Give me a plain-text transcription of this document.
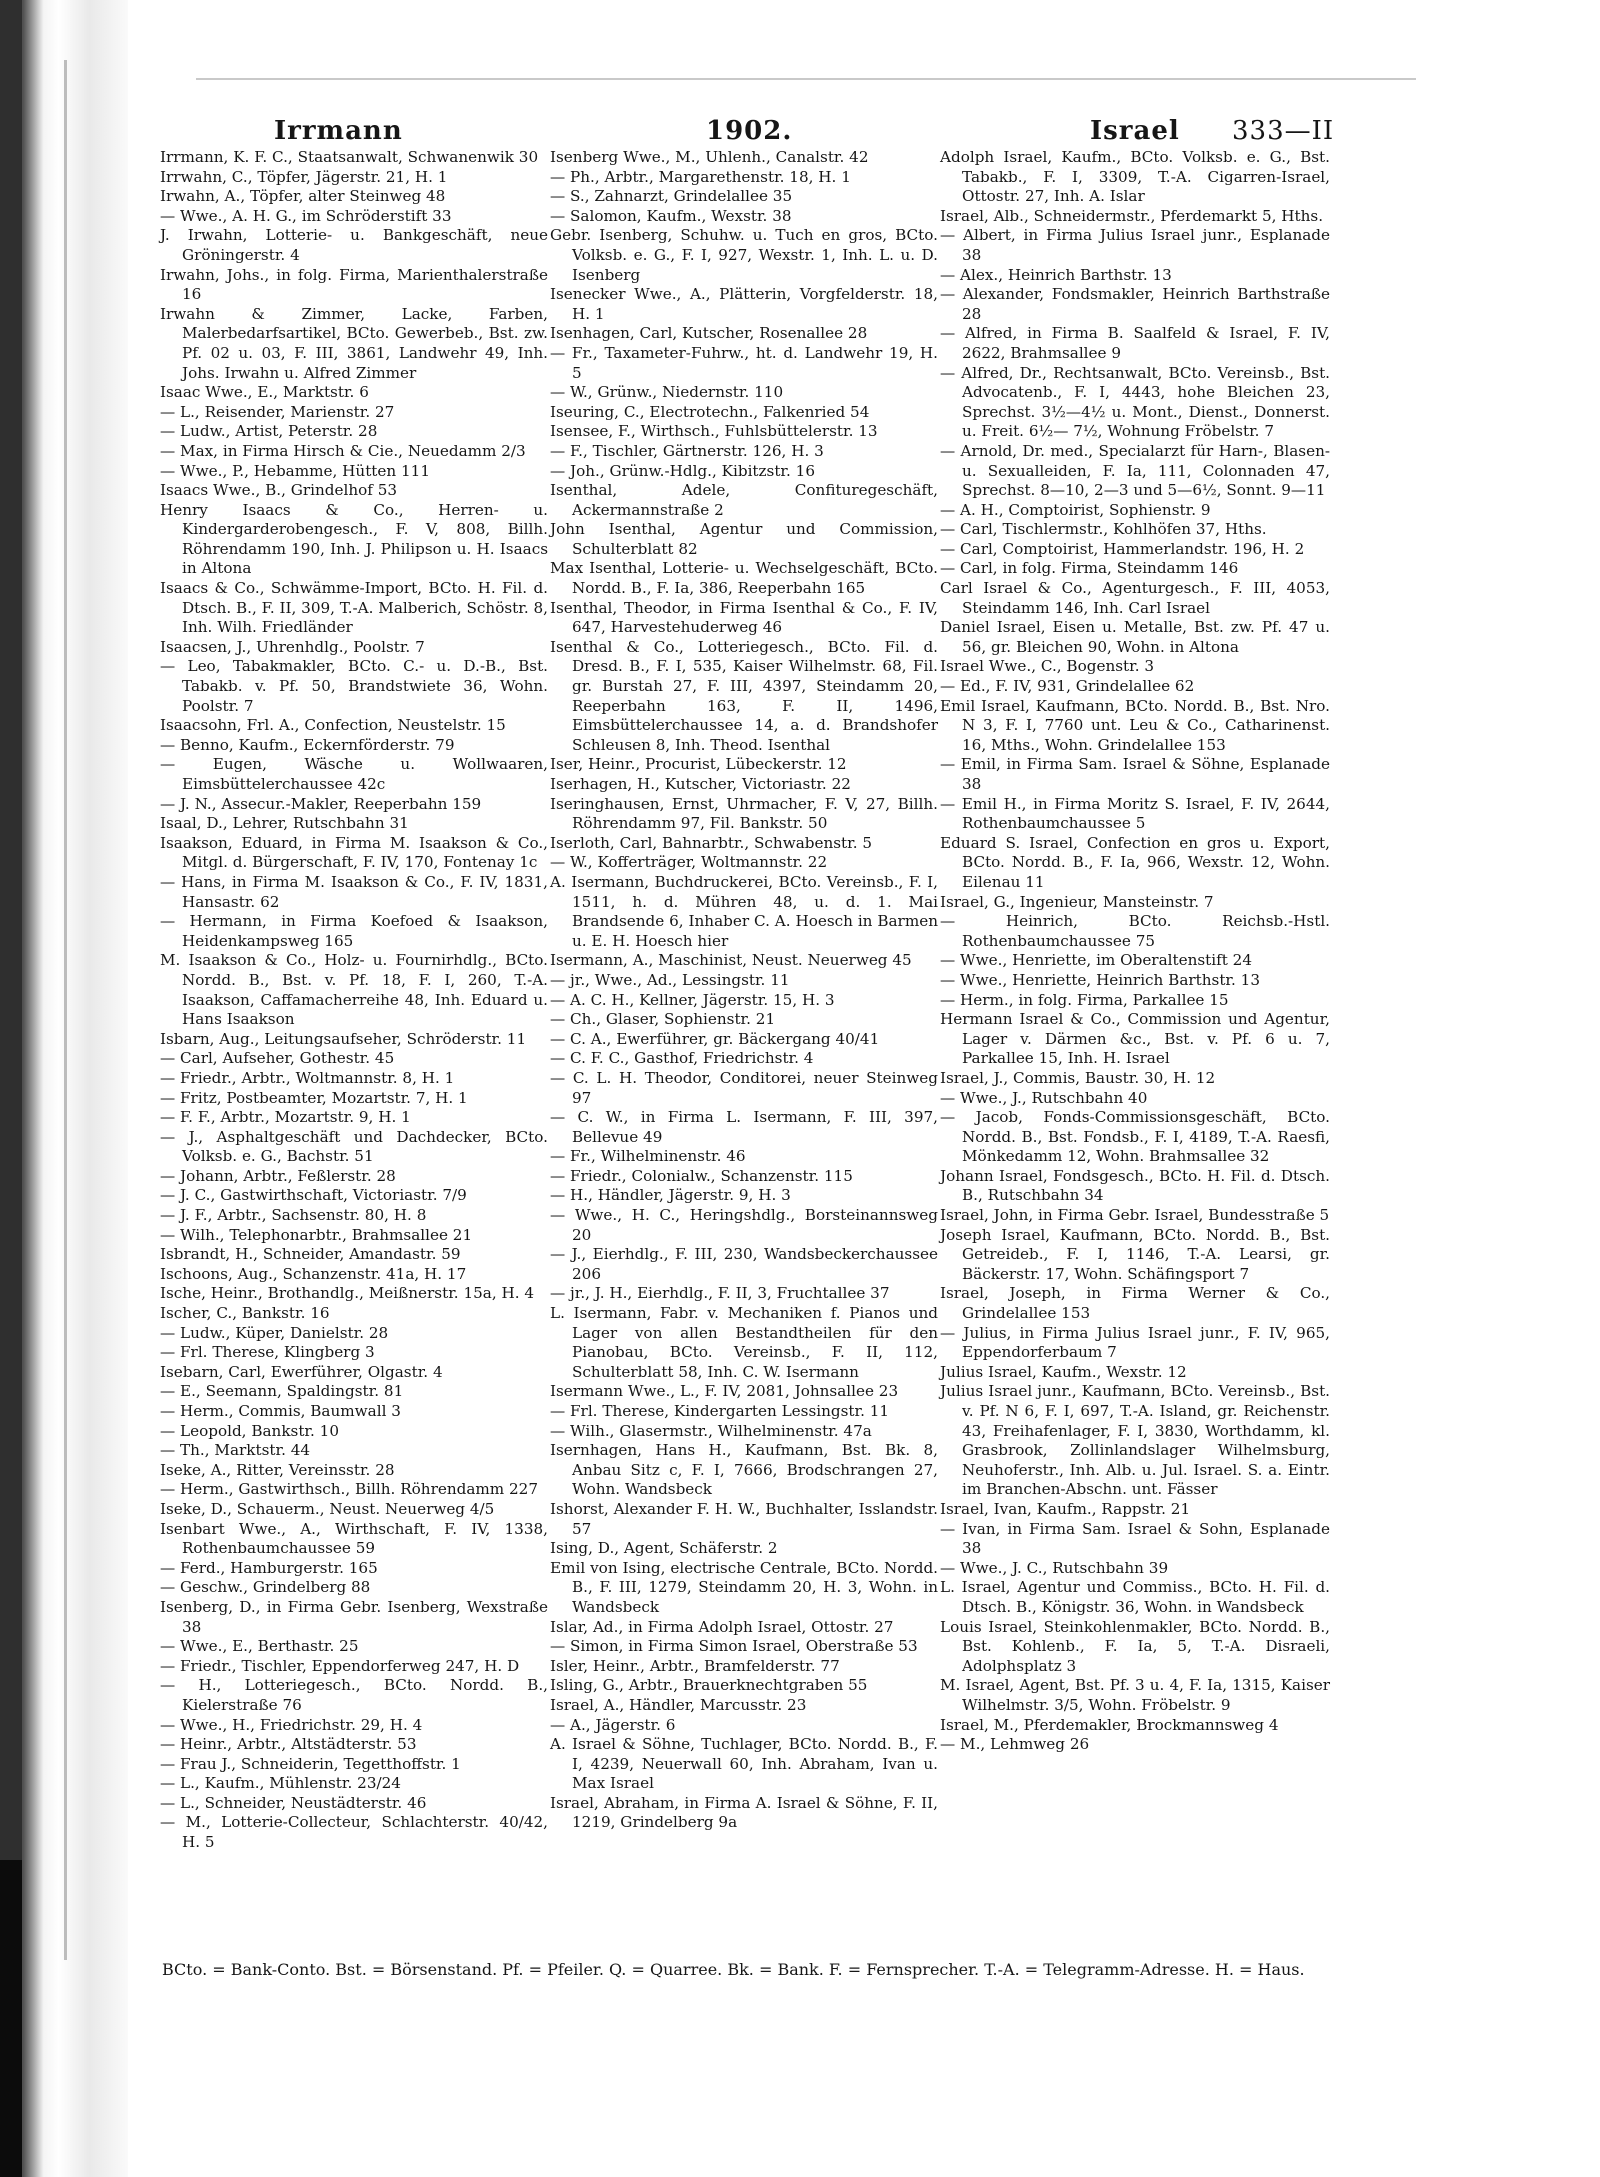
Irrmann	1902.	Israel 333—II

Irrmann, K. F. C., Staatsanwalt, Schwanenwik 30

Irrwahn, C., Töpfer, Jägerstr. 21, H. 1

Irwahn, A., Töpfer, alter Steinweg 48

— Wwe., A. H. G., im Schröderstift 33

J. Irwahn, Lotterie- u. Bankgeschäft, neue Gröningerstr. 4

Irwahn, Johs., in folg. Firma, Marienthalerstraße 16

Irwahn & Zimmer, Lacke, Farben, Malerbedarfsartikel, BCto. Gewerbeb., Bst. zw. Pf. 02 u. 03, F. III, 3861, Landwehr 49, Inh. Johs. Irwahn u. Alfred Zimmer

Isaac Wwe., E., Marktstr. 6

— L., Reisender, Marienstr. 27

— Ludw., Artist, Peterstr. 28

— Max, in Firma Hirsch & Cie., Neuedamm 2/3

— Wwe., P., Hebamme, Hütten 111

Isaacs Wwe., B., Grindelhof 53

Henry Isaacs & Co., Herren- u. Kindergarderobengesch., F. V, 808, Billh. Röhrendamm 190, Inh. J. Philipson u. H. Isaacs in Altona

Isaacs & Co., Schwämme-Import, BCto. H. Fil. d. Dtsch. B., F. II, 309, T.-A. Malberich, Schöstr. 8, Inh. Wilh. Friedländer

Isaacsen, J., Uhrenhdlg., Poolstr. 7

— Leo, Tabakmakler, BCto. C.- u. D.-B., Bst. Tabakb. v. Pf. 50, Brandstwiete 36, Wohn. Poolstr. 7

Isaacsohn, Frl. A., Confection, Neustelstr. 15

— Benno, Kaufm., Eckernförderstr. 79

— Eugen, Wäsche u. Wollwaaren, Eimsbüttelerchaussee 42c

— J. N., Assecur.-Makler, Reeperbahn 159

Isaal, D., Lehrer, Rutschbahn 31

Isaakson, Eduard, in Firma M. Isaakson & Co., Mitgl. d. Bürgerschaft, F. IV, 170, Fontenay 1c

— Hans, in Firma M. Isaakson & Co., F. IV, 1831, Hansastr. 62

— Hermann, in Firma Koefoed & Isaakson, Heidenkampsweg 165

M. Isaakson & Co., Holz- u. Fournirhdlg., BCto. Nordd. B., Bst. v. Pf. 18, F. I, 260, T.-A. Isaakson, Caffamacherreihe 48, Inh. Eduard u. Hans Isaakson

Isbarn, Aug., Leitungsaufseher, Schröderstr. 11

— Carl, Aufseher, Gothestr. 45

— Friedr., Arbtr., Woltmannstr. 8, H. 1

— Fritz, Postbeamter, Mozartstr. 7, H. 1

— F. F., Arbtr., Mozartstr. 9, H. 1

— J., Asphaltgeschäft und Dachdecker, BCto. Volksb. e. G., Bachstr. 51

— Johann, Arbtr., Feßlerstr. 28

— J. C., Gastwirthschaft, Victoriastr. 7/9

— J. F., Arbtr., Sachsenstr. 80, H. 8

— Wilh., Telephonarbtr., Brahmsallee 21

Isbrandt, H., Schneider, Amandastr. 59

Ischoons, Aug., Schanzenstr. 41a, H. 17

Ische, Heinr., Brothandlg., Meißnerstr. 15a, H. 4

Ischer, C., Bankstr. 16

— Ludw., Küper, Danielstr. 28

— Frl. Therese, Klingberg 3

Isebarn, Carl, Ewerführer, Olgastr. 4

— E., Seemann, Spaldingstr. 81

— Herm., Commis, Baumwall 3

— Leopold, Bankstr. 10

— Th., Marktstr. 44

Iseke, A., Ritter, Vereinsstr. 28

— Herm., Gastwirthsch., Billh. Röhrendamm 227

Iseke, D., Schauerm., Neust. Neuerweg 4/5

Isenbart Wwe., A., Wirthschaft, F. IV, 1338, Rothenbaumchaussee 59

— Ferd., Hamburgerstr. 165

— Geschw., Grindelberg 88

Isenberg, D., in Firma Gebr. Isenberg, Wexstraße 38

— Wwe., E., Berthastr. 25

— Friedr., Tischler, Eppendorferweg 247, H. D

— H., Lotteriegesch., BCto. Nordd. B., Kielerstraße 76

— Wwe., H., Friedrichstr. 29, H. 4

— Heinr., Arbtr., Altstädterstr. 53

— Frau J., Schneiderin, Tegetthoffstr. 1

— L., Kaufm., Mühlenstr. 23/24

— L., Schneider, Neustädterstr. 46

— M., Lotterie-Collecteur, Schlachterstr. 40/42, H. 5

Isenberg Wwe., M., Uhlenh., Canalstr. 42

— Ph., Arbtr., Margarethenstr. 18, H. 1

— S., Zahnarzt, Grindelallee 35

— Salomon, Kaufm., Wexstr. 38

Gebr. Isenberg, Schuhw. u. Tuch en gros, BCto. Volksb. e. G., F. I, 927, Wexstr. 1, Inh. L. u. D. Isenberg

Isenecker Wwe., A., Plätterin, Vorgfelderstr. 18, H. 1

Isenhagen, Carl, Kutscher, Rosenallee 28

— Fr., Taxameter-Fuhrw., ht. d. Landwehr 19, H. 5

— W., Grünw., Niedernstr. 110

Iseuring, C., Electrotechn., Falkenried 54

Isensee, F., Wirthsch., Fuhlsbüttelerstr. 13

— F., Tischler, Gärtnerstr. 126, H. 3

— Joh., Grünw.-Hdlg., Kibitzstr. 16

Isenthal, Adele, Confituregeschäft, Ackermannstraße 2

John Isenthal, Agentur und Commission, Schulterblatt 82

Max Isenthal, Lotterie- u. Wechselgeschäft, BCto. Nordd. B., F. Ia, 386, Reeperbahn 165

Isenthal, Theodor, in Firma Isenthal & Co., F. IV, 647, Harvestehuderweg 46

Isenthal & Co., Lotteriegesch., BCto. Fil. d. Dresd. B., F. I, 535, Kaiser Wilhelmstr. 68, Fil. gr. Burstah 27, F. III, 4397, Steindamm 20, Reeperbahn 163, F. II, 1496, Eimsbüttelerchaussee 14, a. d. Brandshofer Schleusen 8, Inh. Theod. Isenthal

Iser, Heinr., Procurist, Lübeckerstr. 12

Iserhagen, H., Kutscher, Victoriastr. 22

Iseringhausen, Ernst, Uhrmacher, F. V, 27, Billh. Röhrendamm 97, Fil. Bankstr. 50

Iserloth, Carl, Bahnarbtr., Schwabenstr. 5

— W., Kofferträger, Woltmannstr. 22

A. Isermann, Buchdruckerei, BCto. Vereinsb., F. I, 1511, h. d. Mühren 48, u. d. 1. Mai Brandsende 6, Inhaber C. A. Hoesch in Barmen u. E. H. Hoesch hier

Isermann, A., Maschinist, Neust. Neuerweg 45

— jr., Wwe., Ad., Lessingstr. 11

— A. C. H., Kellner, Jägerstr. 15, H. 3

— Ch., Glaser, Sophienstr. 21

— C. A., Ewerführer, gr. Bäckergang 40/41

— C. F. C., Gasthof, Friedrichstr. 4

— C. L. H. Theodor, Conditorei, neuer Steinweg 97

— C. W., in Firma L. Isermann, F. III, 397, Bellevue 49

— Fr., Wilhelminenstr. 46

— Friedr., Colonialw., Schanzenstr. 115

— H., Händler, Jägerstr. 9, H. 3

— Wwe., H. C., Heringshdlg., Borsteinannsweg 20

— J., Eierhdlg., F. III, 230, Wandsbeckerchaussee 206

— jr., J. H., Eierhdlg., F. II, 3, Fruchtallee 37

L. Isermann, Fabr. v. Mechaniken f. Pianos und Lager von allen Bestandtheilen für den Pianobau, BCto. Vereinsb., F. II, 112, Schulterblatt 58, Inh. C. W. Isermann

Isermann Wwe., L., F. IV, 2081, Johnsallee 23

— Frl. Therese, Kindergarten Lessingstr. 11

— Wilh., Glasermstr., Wilhelminenstr. 47a

Isernhagen, Hans H., Kaufmann, Bst. Bk. 8, Anbau Sitz c, F. I, 7666, Brodschrangen 27, Wohn. Wandsbeck

Ishorst, Alexander F. H. W., Buchhalter, Isslandstr. 57

Ising, D., Agent, Schäferstr. 2

Emil von Ising, electrische Centrale, BCto. Nordd. B., F. III, 1279, Steindamm 20, H. 3, Wohn. in Wandsbeck

Islar, Ad., in Firma Adolph Israel, Ottostr. 27

— Simon, in Firma Simon Israel, Oberstraße 53

Isler, Heinr., Arbtr., Bramfelderstr. 77

Isling, G., Arbtr., Brauerknechtgraben 55

Israel, A., Händler, Marcusstr. 23

— A., Jägerstr. 6

A. Israel & Söhne, Tuchlager, BCto. Nordd. B., F. I, 4239, Neuerwall 60, Inh. Abraham, Ivan u. Max Israel

Israel, Abraham, in Firma A. Israel & Söhne, F. II, 1219, Grindelberg 9a

Adolph Israel, Kaufm., BCto. Volksb. e. G., Bst. Tabakb., F. I, 3309, T.-A. Cigarren-Israel, Ottostr. 27, Inh. A. Islar

Israel, Alb., Schneidermstr., Pferdemarkt 5, Hths.

— Albert, in Firma Julius Israel junr., Esplanade 38

— Alex., Heinrich Barthstr. 13

— Alexander, Fondsmakler, Heinrich Barthstraße 28

— Alfred, in Firma B. Saalfeld & Israel, F. IV, 2622, Brahmsallee 9

— Alfred, Dr., Rechtsanwalt, BCto. Vereinsb., Bst. Advocatenb., F. I, 4443, hohe Bleichen 23, Sprechst. 3½—4½ u. Mont., Dienst., Donnerst. u. Freit. 6½— 7½, Wohnung Fröbelstr. 7

— Arnold, Dr. med., Specialarzt für Harn-, Blasen- u. Sexualleiden, F. Ia, 111, Colonnaden 47, Sprechst. 8—10, 2—3 und 5—6½, Sonnt. 9—11

— A. H., Comptoirist, Sophienstr. 9

— Carl, Tischlermstr., Kohlhöfen 37, Hths.

— Carl, Comptoirist, Hammerlandstr. 196, H. 2

— Carl, in folg. Firma, Steindamm 146

Carl Israel & Co., Agenturgesch., F. III, 4053, Steindamm 146, Inh. Carl Israel

Daniel Israel, Eisen u. Metalle, Bst. zw. Pf. 47 u. 56, gr. Bleichen 90, Wohn. in Altona

Israel Wwe., C., Bogenstr. 3

— Ed., F. IV, 931, Grindelallee 62

Emil Israel, Kaufmann, BCto. Nordd. B., Bst. Nro. N 3, F. I, 7760 unt. Leu & Co., Catharinenst. 16, Mths., Wohn. Grindelallee 153

— Emil, in Firma Sam. Israel & Söhne, Esplanade 38

— Emil H., in Firma Moritz S. Israel, F. IV, 2644, Rothenbaumchaussee 5

Eduard S. Israel, Confection en gros u. Export, BCto. Nordd. B., F. Ia, 966, Wexstr. 12, Wohn. Eilenau 11

Israel, G., Ingenieur, Mansteinstr. 7

— Heinrich, BCto. Reichsb.-Hstl. Rothenbaumchaussee 75

— Wwe., Henriette, im Oberaltenstift 24

— Wwe., Henriette, Heinrich Barthstr. 13

— Herm., in folg. Firma, Parkallee 15

Hermann Israel & Co., Commission und Agentur, Lager v. Därmen &c., Bst. v. Pf. 6 u. 7, Parkallee 15, Inh. H. Israel

Israel, J., Commis, Baustr. 30, H. 12

— Wwe., J., Rutschbahn 40

— Jacob, Fonds-Commissionsgeschäft, BCto. Nordd. B., Bst. Fondsb., F. I, 4189, T.-A. Raesfi, Mönkedamm 12, Wohn. Brahmsallee 32

Johann Israel, Fondsgesch., BCto. H. Fil. d. Dtsch. B., Rutschbahn 34

Israel, John, in Firma Gebr. Israel, Bundesstraße 5

Joseph Israel, Kaufmann, BCto. Nordd. B., Bst. Getreideb., F. I, 1146, T.-A. Learsi, gr. Bäckerstr. 17, Wohn. Schäfingsport 7

Israel, Joseph, in Firma Werner & Co., Grindelallee 153

— Julius, in Firma Julius Israel junr., F. IV, 965, Eppendorferbaum 7

Julius Israel, Kaufm., Wexstr. 12

Julius Israel junr., Kaufmann, BCto. Vereinsb., Bst. v. Pf. N 6, F. I, 697, T.-A. Island, gr. Reichenstr. 43, Freihafenlager, F. I, 3830, Worthdamm, kl. Grasbrook, Zollinlandslager Wilhelmsburg, Neuhoferstr., Inh. Alb. u. Jul. Israel. S. a. Eintr. im Branchen-Abschn. unt. Fässer

Israel, Ivan, Kaufm., Rappstr. 21

— Ivan, in Firma Sam. Israel & Sohn, Esplanade 38

— Wwe., J. C., Rutschbahn 39

L. Israel, Agentur und Commiss., BCto. H. Fil. d. Dtsch. B., Königstr. 36, Wohn. in Wandsbeck

Louis Israel, Steinkohlenmakler, BCto. Nordd. B., Bst. Kohlenb., F. Ia, 5, T.-A. Disraeli, Adolphsplatz 3

M. Israel, Agent, Bst. Pf. 3 u. 4, F. Ia, 1315, Kaiser Wilhelmstr. 3/5, Wohn. Fröbelstr. 9

Israel, M., Pferdemakler, Brockmannsweg 4

— M., Lehmweg 26

BCto. = Bank-Conto. Bst. = Börsenstand. Pf. = Pfeiler. Q. = Quarree. Bk. = Bank. F. = Fernsprecher. T.-A. = Telegramm-Adresse. H. = Haus.
